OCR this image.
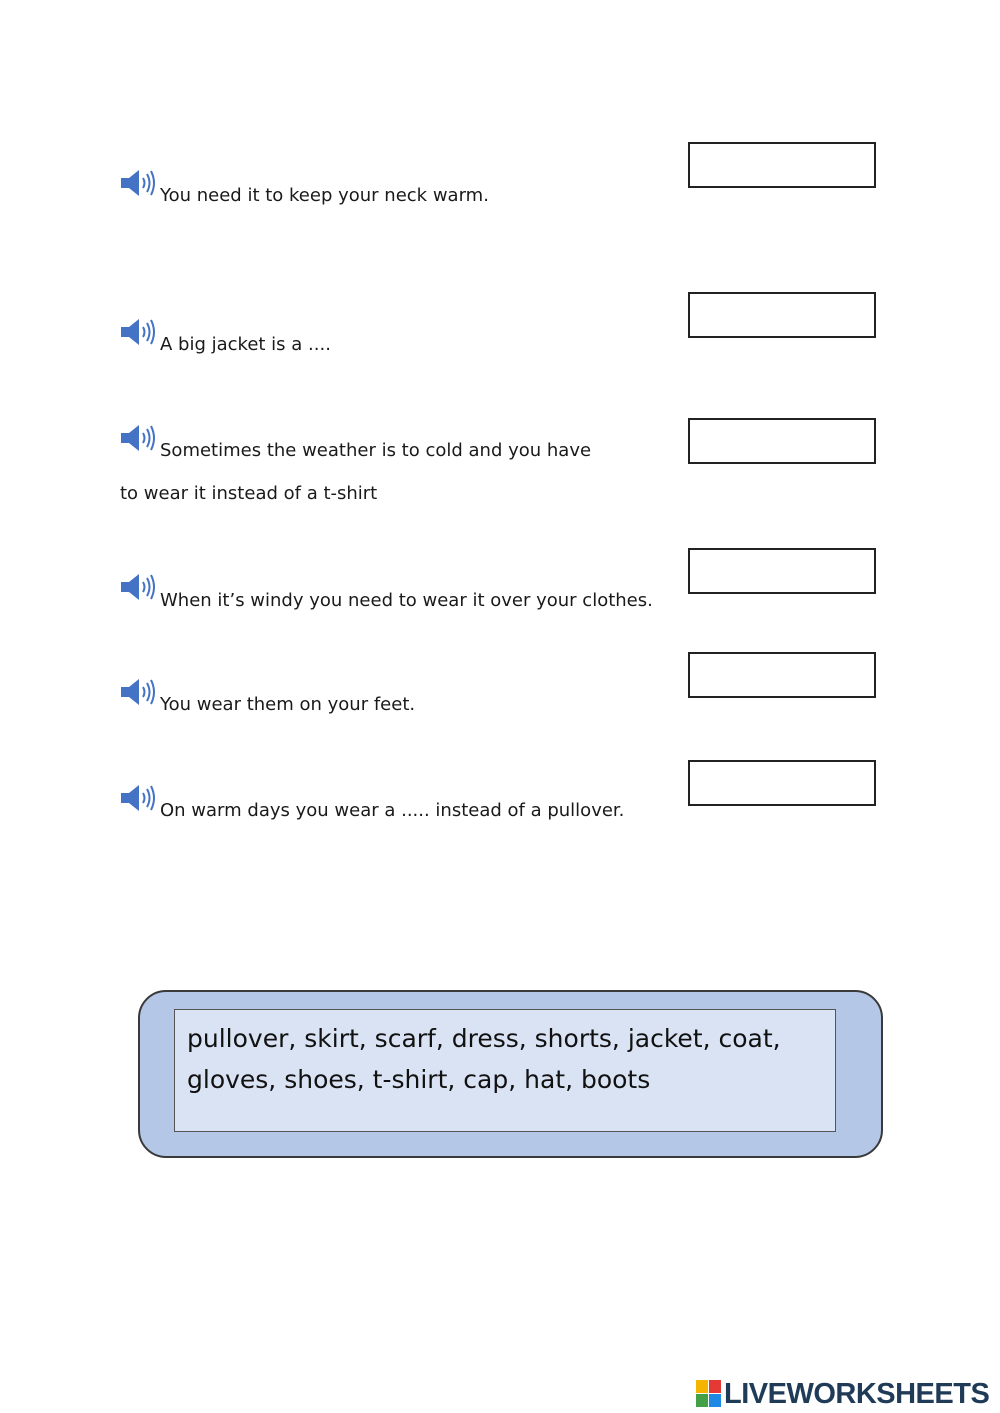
You need it to keep your neck warm.
A big jacket is a ....
Sometimes the weather is to cold and you have
to wear it instead of a t-shirt
When it’s windy you need to wear it over your clothes.
You wear them on your feet.
On warm days you wear a ..... instead of a pullover.
pullover, skirt, scarf, dress, shorts, jacket, coat,
gloves, shoes, t-shirt, cap, hat, boots
LIVEWORKSHEETS
